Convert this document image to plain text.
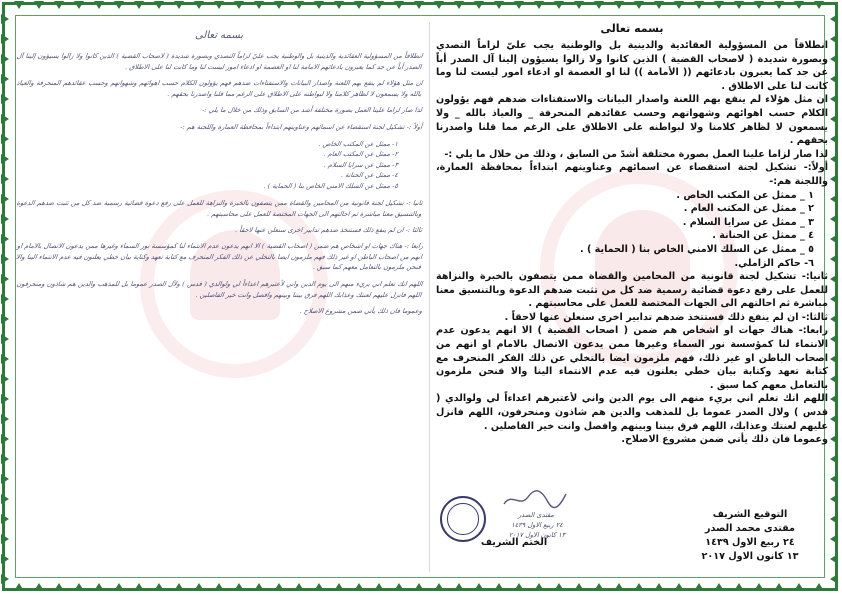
بسمه تعالى

انطلاقاً من المسؤولية العقائدية والدينية بل والوطنية يجب عليّ لزاماً التصدي وبصورة شديدة ( لاصحاب القضية ) الذين كانوا ولا زالوا يسيؤون إلينا آل الصدر أباً عن جد كما يعبرون بادعائهم (( الأمامة )) لنا او العصمة او ادعاء امور ليست لنا وما كانت لنا على الاطلاق .

ان مثل هؤلاء لم ينفع بهم اللعنة واصدار البيانات والاستفتاءات ضدهم فهم يؤولون الكلام حسب اهوائهم وشهواتهم وحسب عقائدهم المنحرفة _ والعياذ بالله _ ولا يسمعون لا لظاهر كلامنا ولا لبواطنه على الاطلاق على الرغم مما قلنا واصدرنا بحقهم .

لذا صار لزاما علينا العمل بصورة مختلفة أشدّ من السابق ، وذلك من خلال ما يلي :-

أولاً:- تشكيل لجنة استقصاء عن اسمائهم وعناوينهم ابتداءاً بمحافظة العمارة، واللجنة هم:-

١ _ ممثل عن المكتب الخاص .

٢ _ ممثل عن المكتب العام .

٣ _ ممثل عن سرايا السلام .

٤ _ ممثل عن الحنانة .

٥ _ ممثل عن السلك الامني الخاص بنا ( الحماية ) .

٦- حاكم الزاملي.

ثانيا:- تشكيل لجنة قانونية من المحامين والقضاة ممن يتصفون بالخبرة والنزاهة للعمل على رفع دعوة قضائية رسمية ضد كل من تثبت ضدهم الدعوة وبالتنسيق معنا مباشرة ثم احالتهم الى الجهات المختصة للعمل على محاسبتهم .

ثالثا:- ان لم ينفع ذلك فستتخذ ضدهم تدابير اخرى سنعلن عنها لاحقاً .

رابعا:- هناك جهات او اشخاص هم ضمن ( اصحاب القضية ) الا انهم يدعون عدم الانتماء لنا كمؤسسة نور السماء وغيرها ممن يدعون الاتصال بالامام او انهم من اصحاب الباطن او غير ذلك، فهم ملزمون ايضا بالتخلي عن ذلك الفكر المنحرف مع كتابة تعهد وكتابة بيان خطي يعلنون فيه عدم الانتماء الينا والا فنحن ملزمون بالتعامل معهم كما سبق .

اللهم انك تعلم اني بريء منهم الى يوم الدين واني لأعتبرهم اعداءاً لي ولوالدي ( قدس ) ولال الصدر عموما بل للمذهب والدين هم شاذون ومنحرفون، اللهم فانزل عليهم لعنتك وعذابك، اللهم فرق بيننا وبينهم وافصل وانت خير الفاصلين .

وعموما فان ذلك يأتي ضمن مشروع الاصلاح.

التوقيع الشريف
مقتدى محمد الصدر
٢٤ ربيع الاول ١٤٣٩
١٣ كانون الاول ٢٠١٧
الختم الشريف
بسمه تعالى

انطلاقاً من المسؤولية العقائدية والدينية بل والوطنية يجب عليّ لزاماً التصدي وبصورة شديدة ( لاصحاب القضية ) الذين كانوا ولا زالوا يسيؤون إلينا آل الصدر أباً عن جد كما يعبرون بادعائهم الامامة لنا او العصمة او ادعاء امور ليست لنا وما كانت لنا على الاطلاق .

ان مثل هؤلاء لم ينفع بهم اللعنة واصدار البيانات والاستفتاءات ضدهم فهم يؤولون الكلام حسب اهوائهم وشهواتهم وحسب عقائدهم المنحرفة والعياذ بالله ولا يسمعون لا لظاهر كلامنا ولا لبواطنه على الاطلاق على الرغم مما قلنا واصدرنا بحقهم .

لذا صار لزاما علينا العمل بصورة مختلفة أشد من السابق وذلك من خلال ما يلي :-

أولاً :- تشكيل لجنة استقصاء عن اسمائهم وعناوينهم ابتداءاً بمحافظة العمارة واللجنة هم :-

١- ممثل عن المكتب الخاص .

٢- ممثل عن المكتب العام .

٣- ممثل عن سرايا السلام .

٤- ممثل عن الحنانة .

٥- ممثل عن السلك الامني الخاص بنا ( الحماية ) .

ثانيا :- تشكيل لجنة قانونية من المحامين والقضاة ممن يتصفون بالخبرة والنزاهة للعمل على رفع دعوة قضائية رسمية ضد كل من تثبت ضدهم الدعوة وبالتنسيق معنا مباشرة ثم احالتهم الى الجهات المختصة للعمل على محاسبتهم .

ثالثا :- ان لم ينفع ذلك فستتخذ ضدهم تدابير اخرى سنعلن عنها لاحقاً .

رابعا :- هناك جهات او اشخاص هم ضمن ( اصحاب القضية ) الا انهم يدعون عدم الانتماء لنا كمؤسسة نور السماء وغيرها ممن يدعون الاتصال بالامام او انهم من اصحاب الباطن او غير ذلك فهم ملزمون ايضا بالتخلي عن ذلك الفكر المنحرف مع كتابة تعهد وكتابة بيان خطي يعلنون فيه عدم الانتماء الينا والا فنحن ملزمون بالتعامل معهم كما سبق .

اللهم انك تعلم اني بريء منهم الى يوم الدين واني لأعتبرهم اعداءاً لي ولوالدي ( قدس ) ولآل الصدر عموما بل للمذهب والدين هم شاذون ومنحرفون اللهم فانزل عليهم لعنتك وعذابك اللهم فرق بيننا وبينهم وافصل وانت خير الفاصلين .

وعموما فان ذلك يأتي ضمن مشروع الاصلاح .

مقتدى الصدر
٢٤ ربيع الاول ١٤٣٩
١٣ كانون الاول ٢٠١٧
